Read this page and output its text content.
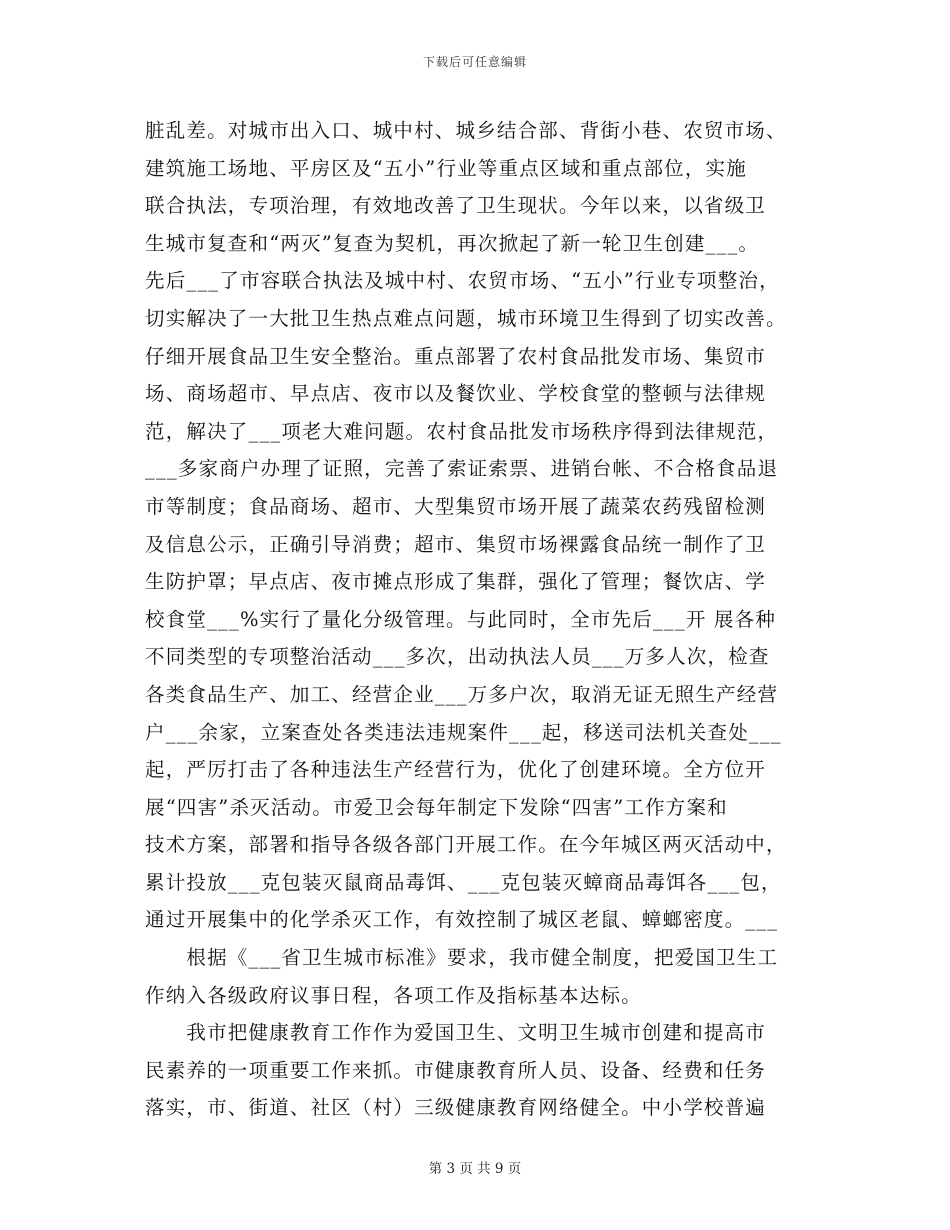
下载后可任意编辑
脏乱差。对城市出入口、城中村、城乡结合部、背街小巷、农贸市场、
建筑施工场地、平房区及“五小”行业等重点区域和重点部位，实施
联合执法，专项治理，有效地改善了卫生现状。今年以来，以省级卫
生城市复查和“两灭”复查为契机，再次掀起了新一轮卫生创建___。
先后___了市容联合执法及城中村、农贸市场、“五小”行业专项整治，
切实解决了一大批卫生热点难点问题，城市环境卫生得到了切实改善。
仔细开展食品卫生安全整治。重点部署了农村食品批发市场、集贸市
场、商场超市、早点店、夜市以及餐饮业、学校食堂的整顿与法律规
范，解决了___项老大难问题。农村食品批发市场秩序得到法律规范，
___多家商户办理了证照，完善了索证索票、进销台帐、不合格食品退
市等制度；食品商场、超市、大型集贸市场开展了蔬菜农药残留检测
及信息公示，正确引导消费；超市、集贸市场裸露食品统一制作了卫
生防护罩；早点店、夜市摊点形成了集群，强化了管理；餐饮店、学
校食堂___%实行了量化分级管理。与此同时，全市先后___开 展各种
不同类型的专项整治活动___多次，出动执法人员___万多人次，检查
各类食品生产、加工、经营企业___万多户次，取消无证无照生产经营
户___余家，立案查处各类违法违规案件___起，移送司法机关查处___
起，严厉打击了各种违法生产经营行为，优化了创建环境。全方位开
展“四害”杀灭活动。市爱卫会每年制定下发除“四害”工作方案和
技术方案，部署和指导各级各部门开展工作。在今年城区两灭活动中，
累计投放___克包装灭鼠商品毒饵、___克包装灭蟑商品毒饵各___包，
通过开展集中的化学杀灭工作，有效控制了城区老鼠、蟑螂密度。___
　　根据《___省卫生城市标准》要求，我市健全制度，把爱国卫生工
作纳入各级政府议事日程，各项工作及指标基本达标。
　　我市把健康教育工作作为爱国卫生、文明卫生城市创建和提高市
民素养的一项重要工作来抓。市健康教育所人员、设备、经费和任务
落实，市、街道、社区（村）三级健康教育网络健全。中小学校普遍
第 3 页 共 9 页
